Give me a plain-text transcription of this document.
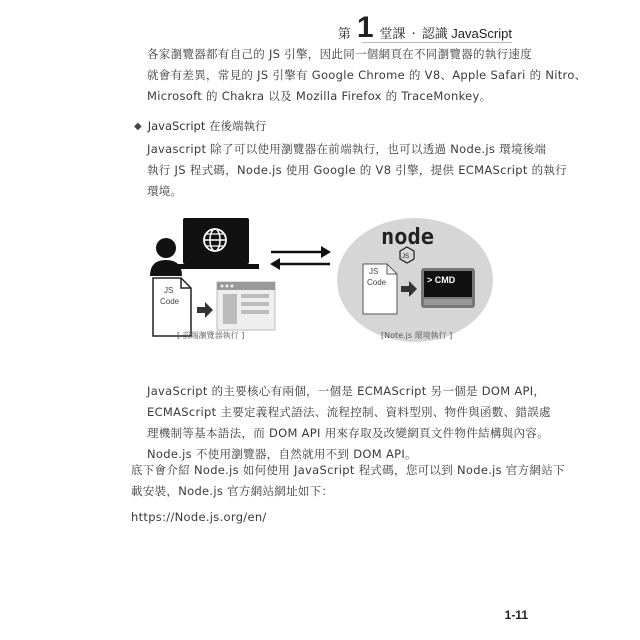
第 1 堂課 · 認識 JavaScript
各家瀏覽器都有自己的 JS 引擎，因此同一個網頁在不同瀏覽器的執行速度
就會有差異，常見的 JS 引擎有 Google Chrome 的 V8、Apple Safari 的 Nitro、
Microsoft 的 Chakra 以及 Mozilla Firefox 的 TraceMonkey。
◆ JavaScript 在後端執行
Javascript 除了可以使用瀏覽器在前端執行，也可以透過 Node.js 環境後端
執行 JS 程式碼，Node.js 使用 Google 的 V8 引擎，提供 ECMAScript 的執行
環境。
JS
Code
node
JS
JS
Code	> CMD
[ 前端瀏覽器執行 ]	[Note.js 環境執行 ]
JavaScript 的主要核心有兩個，一個是 ECMAScript 另一個是 DOM API，
ECMAScript 主要定義程式語法、流程控制、資料型別、物件與函數、錯誤處
理機制等基本語法，而 DOM API 用來存取及改變網頁文件物件結構與內容。
Node.js 不使用瀏覽器，自然就用不到 DOM API。
底下會介紹 Node.js 如何使用 JavaScript 程式碼，您可以到 Node.js 官方網站下
載安裝，Node.js 官方網站網址如下：
https://Node.js.org/en/
1-11
